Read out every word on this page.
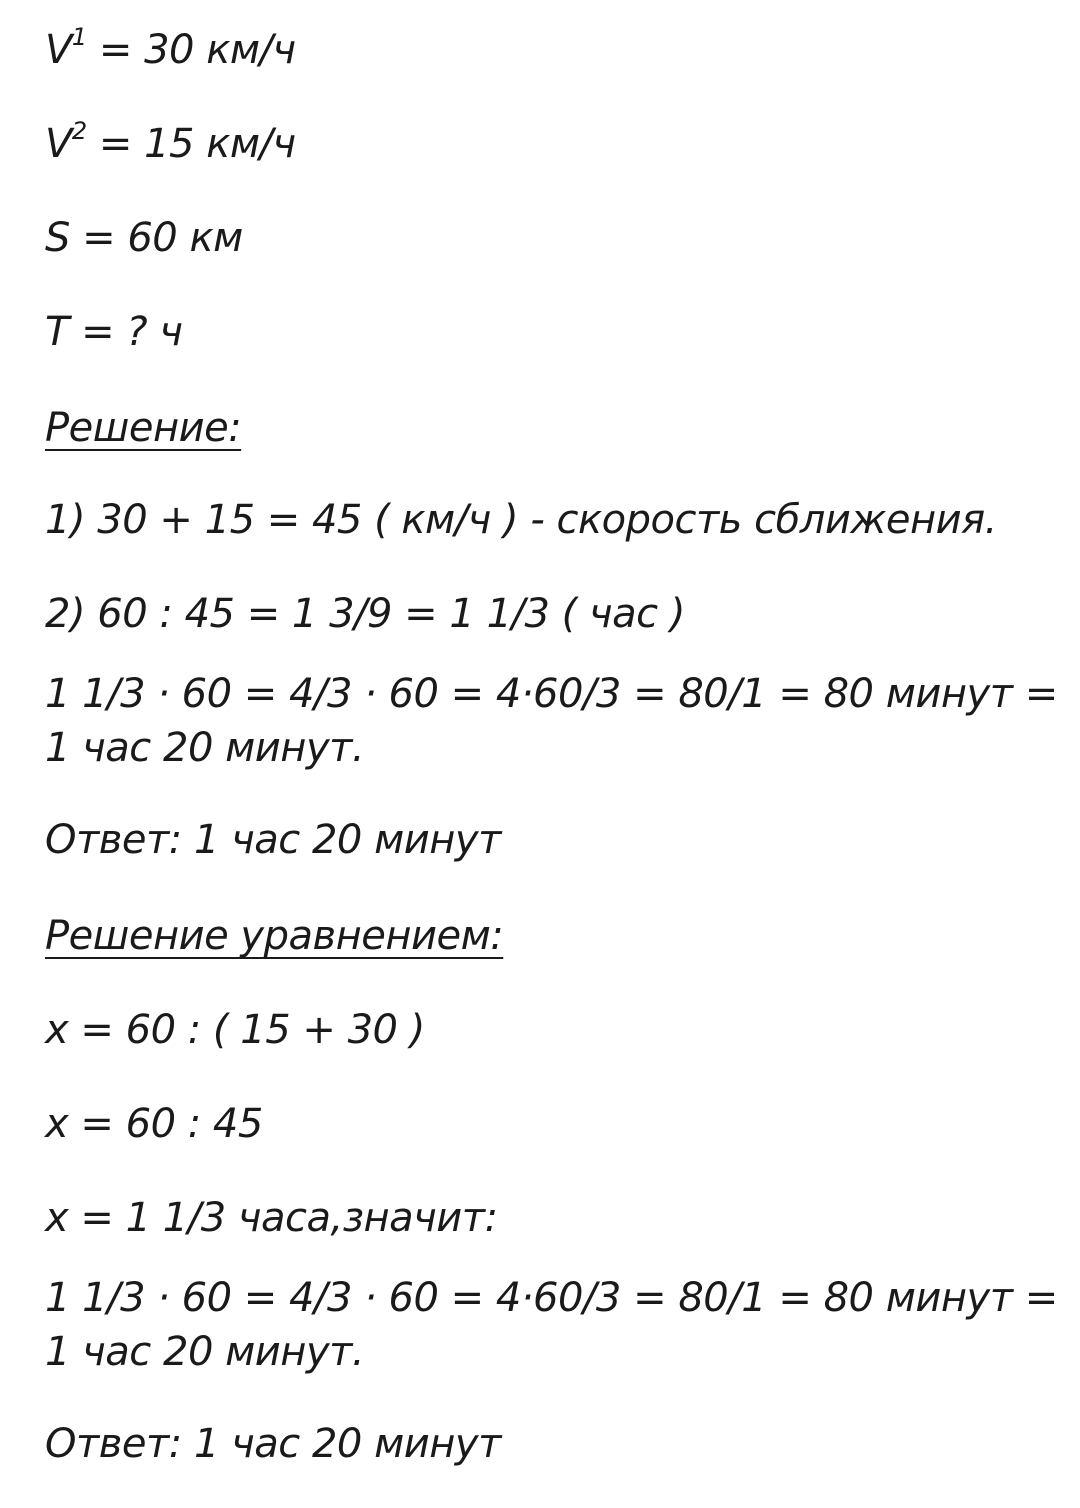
$V^1 = 30$ км/ч
$V^2 = 15$ км/ч
S = 60 км
T = ? ч
Решение:
1) 30 + 15 = 45 ( км/ч ) - скорость сближения.
2) 60 : 45 = 1 3/9 = 1 1/3 ( час )
1 1/3 · 60 = 4/3 · 60 = 4·60/3 = 80/1 = 80 минут =
1 час 20 минут.
Ответ: 1 час 20 минут
Решение уравнением:
x = 60 : ( 15 + 30 )
x = 60 : 45
x = 1 1/3 часа,значит:
1 1/3 · 60 = 4/3 · 60 = 4·60/3 = 80/1 = 80 минут =
1 час 20 минут.
Ответ: 1 час 20 минут
